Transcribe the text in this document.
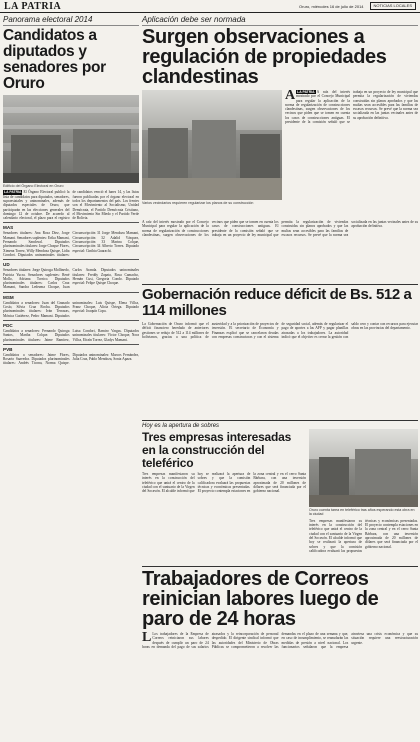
LA PATRIA	Oruro, miércoles 16 de julio de 2014	NOTICIAS LOCALES
Panorama electoral 2014
Candidatos a diputados y senadores por Oruro
Edificio del Órgano Electoral en Oruro
LA PATRIA El Órgano Electoral publicó la lista de candidatos para diputados, senadores, supraestatales y uninominales, además de diputados especiales de Oruro, que participarán en las elecciones generales del domingo 12 de octubre. De acuerdo al calendario electoral, el plazo para el registro de candidatos venció el lunes 14, y las listas fueron publicadas por el órgano electoral en todos los departamentos del país. Los frentes son el Movimiento al Socialismo, Unidad Demócrata, el Partido Demócrata Cristiano, el Movimiento Sin Miedo y el Partido Verde de Bolivia.
MAS
Senadores titulares: Ana Rosa Diez, Jorge Mamani. Senadores suplentes: Erika Mamani, Fernando Sandoval. Diputados plurinominales titulares: Jorge Choque Flores, Ximena Torrez, Willy Mendoza Quispe, Lidia Condori. Diputados uninominales titulares: Circunscripción 31 Jorge Mendoza Mamani, Circunscripción 32 Adalid Vásquez, Circunscripción 33 Marina Colque, Circunscripción 34 Alberto Torrez. Diputado especial: Cinthia Guarachi.
UD
Senadores titulares: Jorge Quiroga Mollinedo, Patricia Yucra. Senadores suplentes: René Mollo, Adriana Torrico. Diputados plurinominales titulares: Carlos Cruz Mamani, Sandra Ledezma Choque, Juan Carlos Aranda. Diputados uninominales titulares: Freddy Zapata, Rosa Camacho, Hernán Cusi, Gregoria Condo. Diputado especial: Felipe Quispe Choque.
MSM
Candidatos a senadores: Juan del Granado Cosío, Silvia Cruz Rocha. Diputados plurinominales titulares: Iván Terrazas, Mónica Gutiérrez, Pedro Mamani. Diputados uninominales: Luis Quispe, Elena Villca, Franz Choque, Alicia Ortega. Diputado especial: Joaquín Copa.
PDC
Candidatos a senadores: Fernando Quiroga Santos, Martha Colque. Diputados plurinominales titulares: Jaime Ramírez, Luisa Condori, Ramiro Vargas. Diputados uninominales titulares: Víctor Choque, Nora Villca, Efraín Torrez, Gladys Mamani.
PVB
Candidatos a senadores: Jaime Flores, Rosario Saavedra. Diputados plurinominales titulares: Andrés Ticona, Norma Quispe. Diputados uninominales: Marcos Fernández, Julia Cruz, Pablo Mendoza, Sonia Apaza.
Aplicación debe ser normada
Surgen observaciones a regulación de propiedades clandestinas
Varios vecindarios requieren regularizar los planos de su construcción
A LA PATRIA A raíz del interés mostrado por el Concejo Municipal para regular la aplicación de la norma de regularización de construcciones clandestinas, surgen observaciones de los vecinos que piden que se tomen en cuenta los casos de construcciones antiguas. El presidente de la comisión señaló que se trabaja en un proyecto de ley municipal que permita la regularización de viviendas construidas sin planos aprobados y que las multas sean accesibles para las familias de escasos recursos. Se prevé que la norma sea socializada en las juntas vecinales antes de su aprobación definitiva.
A raíz del interés mostrado por el Concejo Municipal para regular la aplicación de la norma de regularización de construcciones clandestinas, surgen observaciones de los vecinos que piden que se tomen en cuenta los casos de construcciones antiguas. El presidente de la comisión señaló que se trabaja en un proyecto de ley municipal que permita la regularización de viviendas construidas sin planos aprobados y que las multas sean accesibles para las familias de escasos recursos. Se prevé que la norma sea socializada en las juntas vecinales antes de su aprobación definitiva.
Gobernación reduce déficit de Bs. 512 a 114 millones
La Gobernación de Oruro informó que el déficit financiero heredado de anteriores gestiones se redujo de 512 a 114 millones de bolivianos, gracias a una política de austeridad y a la priorización de proyectos de inversión. El secretario de Economía y Finanzas explicó que se cancelaron deudas con empresas constructoras y con el sistema de seguridad social, además de regularizar el pago de aportes a las AFP y pagar planillas atrasadas a los trabajadores. La autoridad indicó que el objetivo es cerrar la gestión con saldo cero y contar con recursos para ejecutar obras en las provincias del departamento.
Hoy es la apertura de sobres
Tres empresas interesadas en la construcción del teleférico
Tres empresas manifestaron su interés en la construcción del teleférico que unirá el centro de la ciudad con el santuario de la Virgen del Socavón. El alcalde informó que hoy se realizará la apertura de sobres y que la comisión calificadora evaluará las propuestas técnicas y económicas presentadas. El proyecto contempla estaciones en la zona central y en el cerro Santa Bárbara, con una inversión aproximada de 20 millones de dólares que será financiada por el gobierno nacional.
Oruro cuenta tarea en teleférico tras años esperando esta obra en la ciudad
Tres empresas manifestaron su interés en la construcción del teleférico que unirá el centro de la ciudad con el santuario de la Virgen del Socavón. El alcalde informó que hoy se realizará la apertura de sobres y que la comisión calificadora evaluará las propuestas técnicas y económicas presentadas. El proyecto contempla estaciones en la zona central y en el cerro Santa Bárbara, con una inversión aproximada de 20 millones de dólares que será financiada por el gobierno nacional.
Trabajadores de Correos reinician labores luego de paro de 24 horas
L Los trabajadores de la Empresa de Correos reiniciaron sus labores después de cumplir un paro de 24 horas en demanda del pago de sus salarios atrasados y la reincorporación de personal despedido. El dirigente sindical informó que las autoridades del Ministerio de Obras Públicas se comprometieron a resolver las demandas en el plazo de una semana y que, en caso de incumplimiento, se reanudarán las medidas de presión a nivel nacional. Los funcionarios señalaron que la empresa atraviesa una crisis económica y que su situación requiere una reestructuración urgente.
